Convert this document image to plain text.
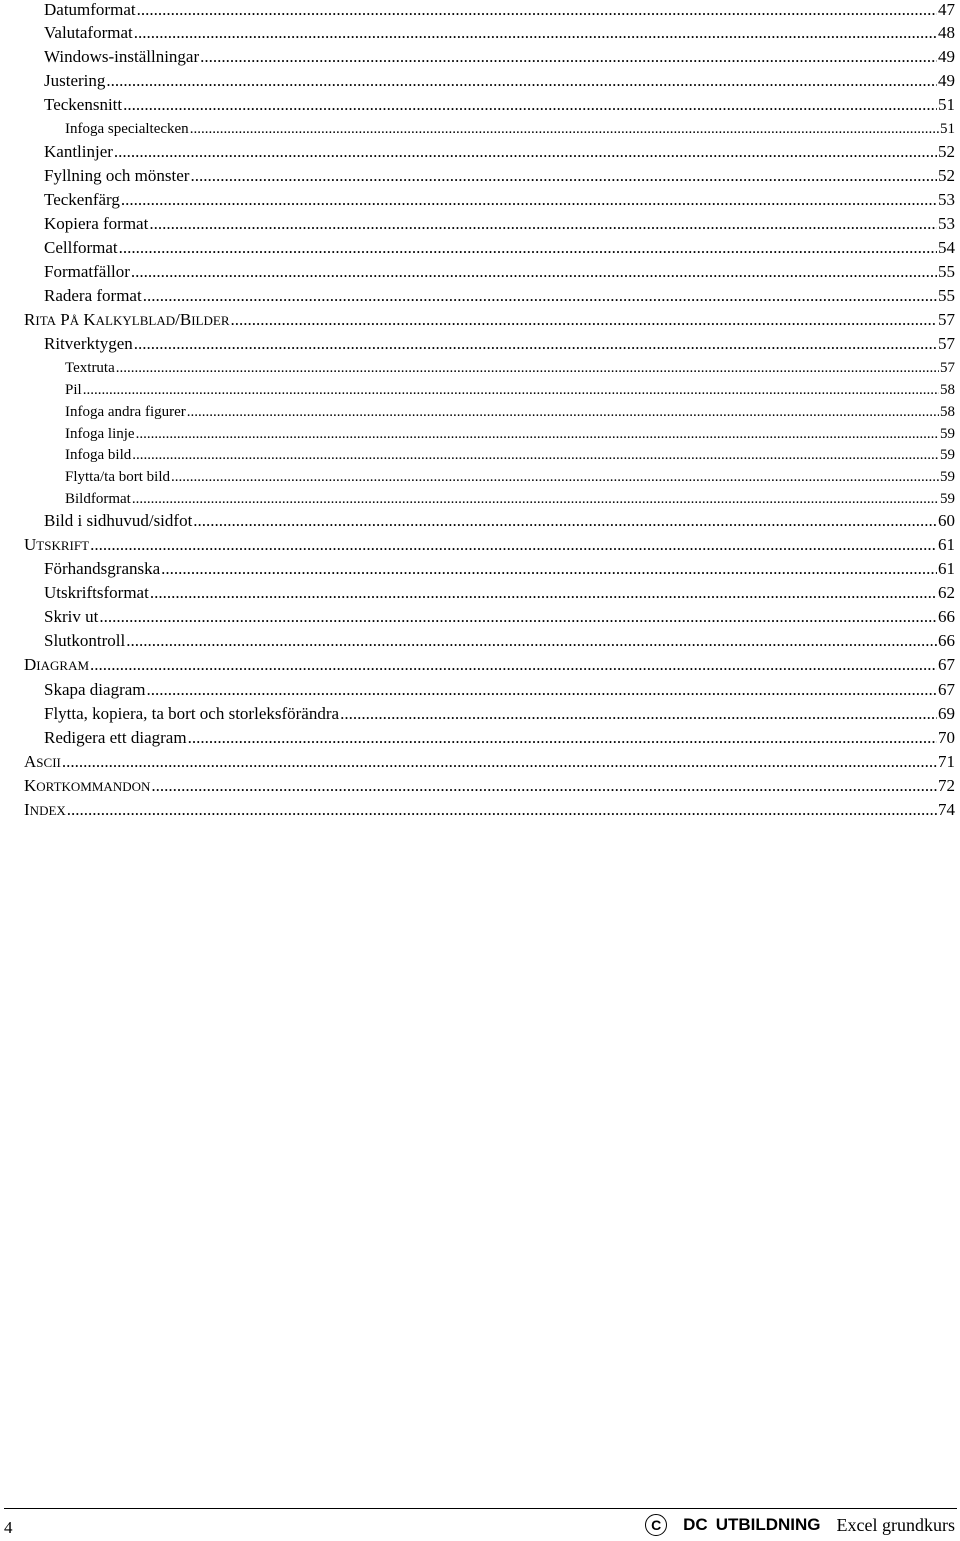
Datumformat .....	47
Valutaformat .....	48
Windows-inställningar .....	49
Justering .....	49
Teckensnitt .....	51
Infoga specialtecken .....	51
Kantlinjer .....	52
Fyllning och mönster .....	52
Teckenfärg .....	53
Kopiera format .....	53
Cellformat .....	54
Formatfällor .....	55
Radera format .....	55
RITA PÅ KALKYLBLAD/BILDER .....	57
Ritverktygen .....	57
Textruta .....	57
Pil .....	58
Infoga andra figurer .....	58
Infoga linje .....	59
Infoga bild .....	59
Flytta/ta bort bild .....	59
Bildformat .....	59
Bild i sidhuvud/sidfot .....	60
UTSKRIFT .....	61
Förhandsgranska .....	61
Utskriftsformat .....	62
Skriv ut .....	66
Slutkontroll .....	66
DIAGRAM .....	67
Skapa diagram .....	67
Flytta, kopiera, ta bort och storleksförändra .....	69
Redigera ett diagram .....	70
ASCII .....	71
KORTKOMMANDON .....	72
INDEX .....	74
4	C	DC UTBILDNING Excel grundkurs
